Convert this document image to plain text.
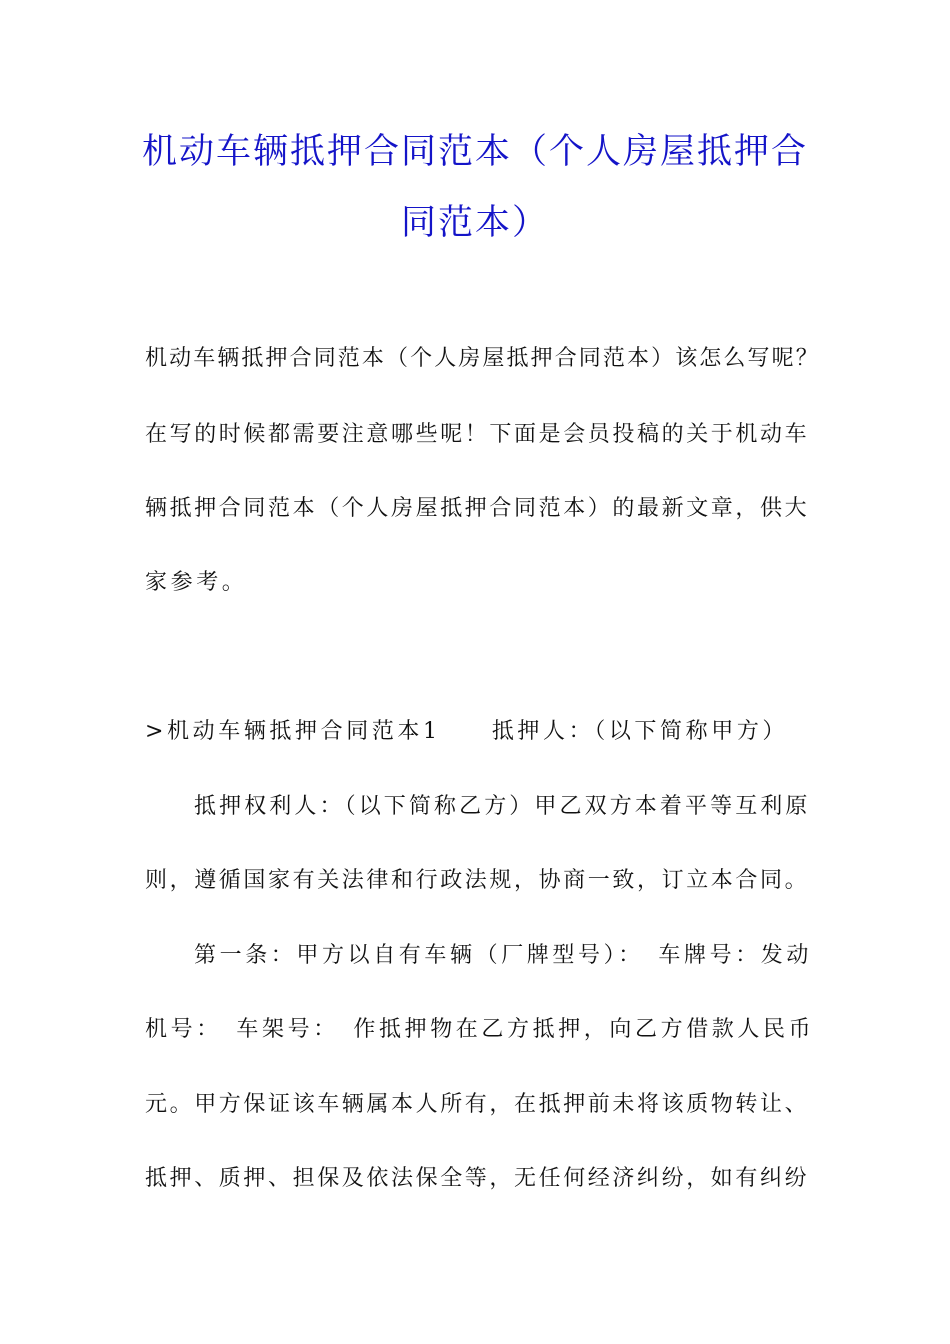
机动车辆抵押合同范本（个人房屋抵押合
同范本）
机动车辆抵押合同范本（个人房屋抵押合同范本）该怎么写呢？
在写的时候都需要注意哪些呢！下面是会员投稿的关于机动车
辆抵押合同范本（个人房屋抵押合同范本）的最新文章，供大
家参考。
>机动车辆抵押合同范本1　　抵押人：（以下简称甲方）
抵押权利人：（以下简称乙方）甲乙双方本着平等互利原
则，遵循国家有关法律和行政法规，协商一致，订立本合同。
第一条：甲方以自有车辆（厂牌型号）：　车牌号：发动
机号：　车架号：　作抵押物在乙方抵押，向乙方借款人民币
元。甲方保证该车辆属本人所有，在抵押前未将该质物转让、
抵押、质押、担保及依法保全等，无任何经济纠纷，如有纠纷
